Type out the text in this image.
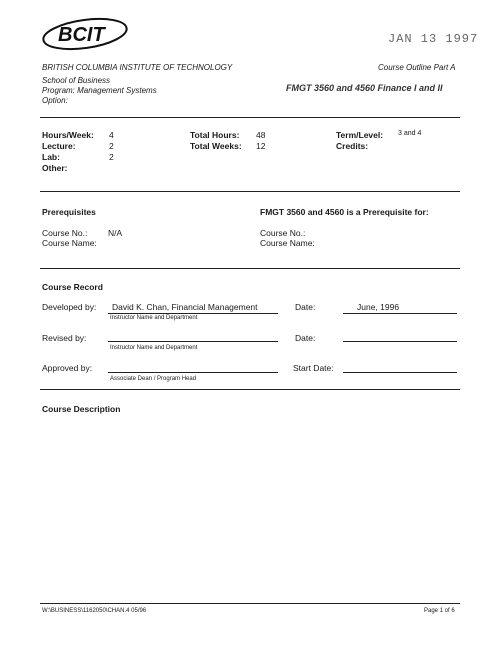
BCIT	JAN 13 1997
BRITISH COLUMBIA INSTITUTE OF TECHNOLOGY
School of Business
Program: Management Systems
Option:
Course Outline Part A
FMGT 3560 and 4560 Finance I and II
Hours/Week: 4
Lecture:	2
Lab:	2
Other:
Total Hours: 48
Total Weeks: 12
Term/Level: 3 and 4
Credits:
Prerequisites
Course No.: N/A
Course Name:
FMGT 3560 and 4560 is a Prerequisite for:
Course No.:
Course Name:
Course Record
Developed by: David K. Chan, Financial Management
Instructor Name and Department
Date:	June, 1996
Revised by:
Instructor Name and Department
Date:
Approved by:
Associate Dean / Program Head
Start Date:
Course Description
W:\BUSINESS\1162050\CHAN.4 05/96	Page 1 of 6
